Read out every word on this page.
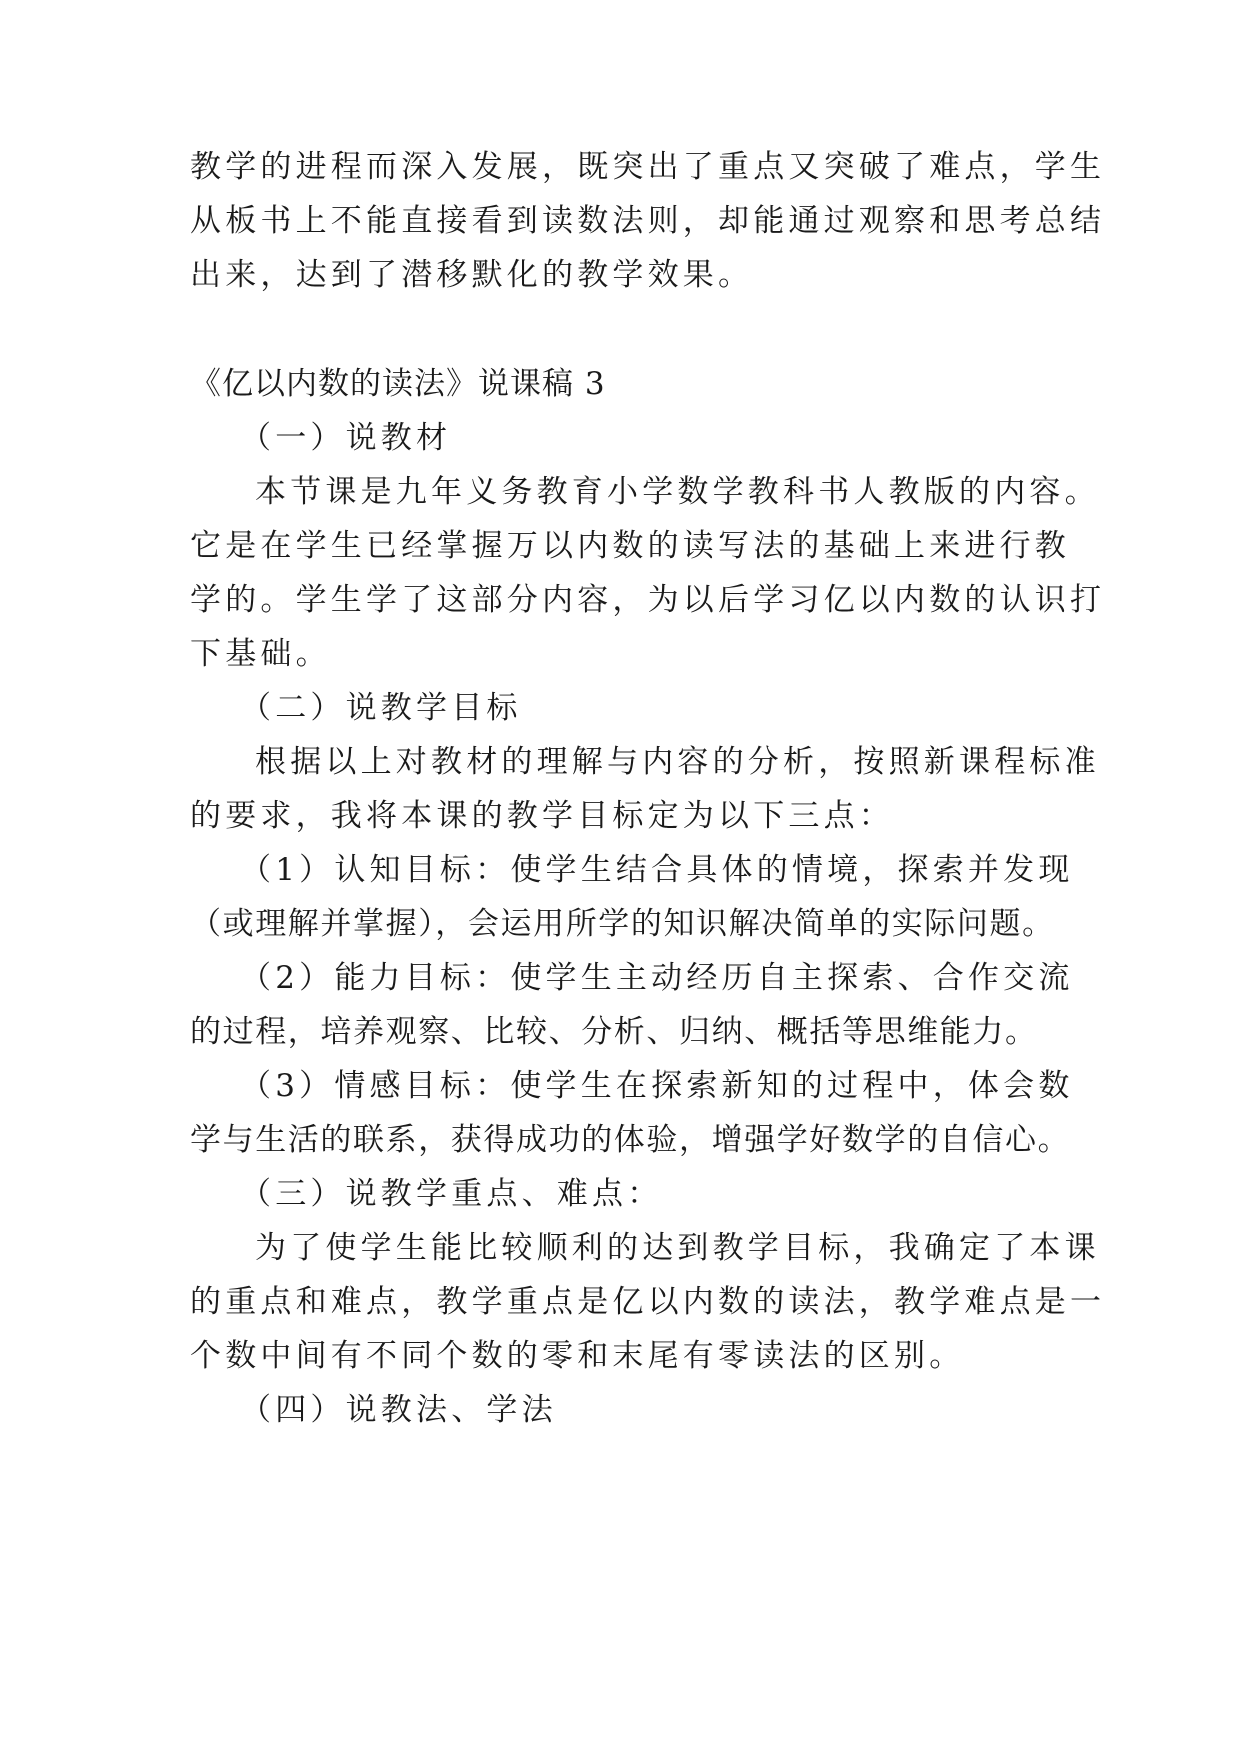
教学的进程而深入发展，既突出了重点又突破了难点，学生
从板书上不能直接看到读数法则，却能通过观察和思考总结
出来，达到了潜移默化的教学效果。
《亿以内数的读法》说课稿 3
（一）说教材
本节课是九年义务教育小学数学教科书人教版的内容。
它是在学生已经掌握万以内数的读写法的基础上来进行教
学的。学生学了这部分内容，为以后学习亿以内数的认识打
下基础。
（二）说教学目标
根据以上对教材的理解与内容的分析，按照新课程标准
的要求，我将本课的教学目标定为以下三点：
（1）认知目标：使学生结合具体的情境，探索并发现
（或理解并掌握），会运用所学的知识解决简单的实际问题。
（2）能力目标：使学生主动经历自主探索、合作交流
的过程，培养观察、比较、分析、归纳、概括等思维能力。
（3）情感目标：使学生在探索新知的过程中，体会数
学与生活的联系，获得成功的体验，增强学好数学的自信心。
（三）说教学重点、难点：
为了使学生能比较顺利的达到教学目标，我确定了本课
的重点和难点，教学重点是亿以内数的读法，教学难点是一
个数中间有不同个数的零和末尾有零读法的区别。
（四）说教法、学法
